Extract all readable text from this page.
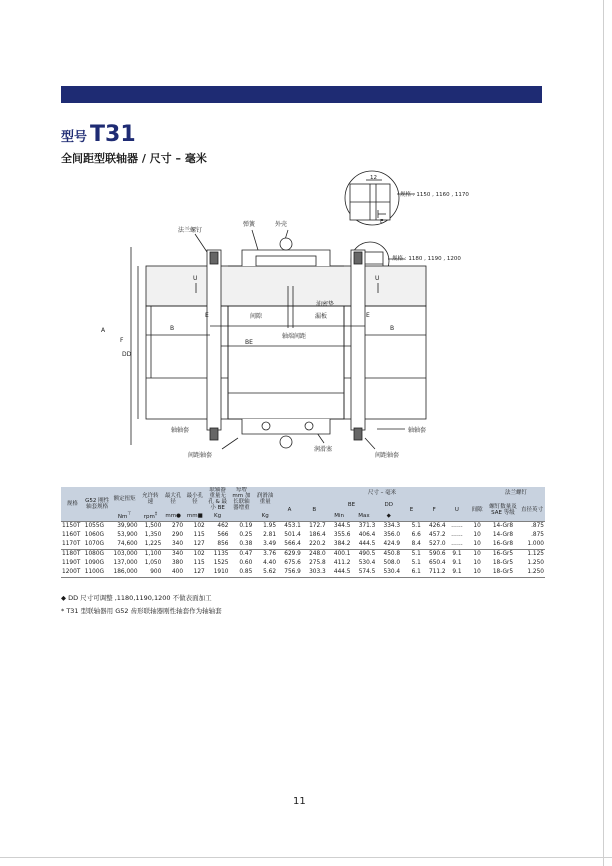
型号 T31
全间距型联轴器 / 尺寸 – 毫米
12
E
规格 : 1150 , 1160 , 1170
规格 : 1180 , 1190 , 1200
法兰螺钉
弹簧	外壳
U	U
油密垫
漏板
间隙
轴端间距
BE
B	B
E	E
A
F
DD
轴轴套	轴轴套
间距轴套	间距轴套
润滑塞
规格	G52 刚性轴套规格	额定扭矩	允许转速	最大孔径	最小孔径	联轴器重量无孔 & 最小 BE	每增 mm 加长联轴器增重	润滑油重量	尺寸 – 毫米									法兰螺钉	
									A	B	BE		DD	E	F	U	间隙	螺钉数量及 SAE 等级	直径英寸
		Nm⊤	rpm‡	mm●	mm■	Kg		Kg			Min	Max	◆						
1150T	1055G	39,900	1,500	270	102	462	0.19	1.95	453.1	172.7	344.5	371.3	334.3	5.1	426.4	……	10	14-Gr8	.875
1160T	1060G	53,900	1,350	290	115	566	0.25	2.81	501.4	186.4	355.6	406.4	356.0	6.6	457.2	……	10	14-Gr8	.875
1170T	1070G	74,600	1,225	340	127	856	0.38	3.49	566.4	220.2	384.2	444.5	424.9	8.4	527.0	……	10	16-Gr8	1.000
1180T	1080G	103,000	1,100	340	102	1135	0.47	3.76	629.9	248.0	400.1	490.5	450.8	5.1	590.6	9.1	10	16-Gr5	1.125
1190T	1090G	137,000	1,050	380	115	1525	0.60	4.40	675.6	275.8	411.2	530.4	508.0	5.1	650.4	9.1	10	18-Gr5	1.250
1200T	1100G	186,000	900	400	127	1910	0.85	5.62	756.9	303.3	444.5	574.5	530.4	6.1	711.2	9.1	10	18-Gr5	1.250
◆ DD 尺寸可调整 ,1180,1190,1200 不做表面加工
* T31 型联轴器用 G52 齿形联轴器刚性轴套作为轴轴套
11
